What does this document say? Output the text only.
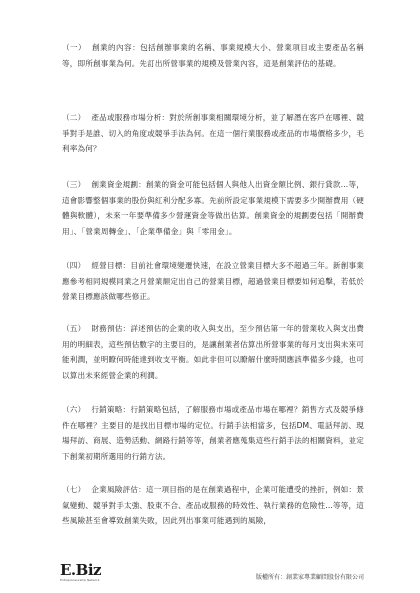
（一） 創業的內容：包括創辦事業的名稱、事業規模大小、營業項目或主要產品名稱等，即所創事業為何。先訂出所營事業的規模及營業內容，這是創業評估的基礎。

（二） 產品或服務市場分析：對於所創事業相關環境分析，並了解潛在客戶在哪裡、競爭對手是誰、切入的角度或競爭手法為何。在這一個行業服務或產品的市場價格多少，毛利率為何？

（三） 創業資金規劃：創業的資金可能包括個人與他人出資金額比例、銀行貸款…等，這會影響整個事業的股份與紅利分配多寡。先前所設定事業規模下需要多少開辦費用（硬體與軟體），未來一年要準備多少營運資金等做出估算。創業資金的規劃要包括「開辦費用」、「營業周轉金」、「企業準備金」與「零用金」。

（四） 經營目標：目前社會環境變遷快速，在設立營業目標大多不超過三年。新創事業應參考相同規模同業之月營業額定出自己的營業目標，超過營業目標要如何追擊，若低於營業目標應該做哪些修正。

（五） 財務預估：詳述預估的企業的收入與支出，至少預估第一年的營業收入與支出費用的明細表，這些預估數字的主要目的，是讓創業者估算出所營事業的每月支出與未來可能利潤，並明瞭何時能達到收支平衡。如此非但可以瞭解什麼時間應該準備多少錢，也可以算出未來經營企業的利潤。

（六） 行銷策略：行銷策略包括，了解服務市場或產品市場在哪裡？銷售方式及競爭條件在哪裡？主要目的是找出目標市場的定位。行銷手法相當多，包括DM、電話拜訪、現場拜訪、商展、造勢活動、網路行銷等等，創業者應蒐集這些行銷手法的相關資料，並定下創業初期所選用的行銷方法。

（七） 企業風險評估：這一項目指的是在創業過程中，企業可能遭受的挫折，例如：景氣變動、競爭對手太強、股東不合、產品或服務的時效性、執行業務的危險性…等等，這些風險甚至會導致創業失敗，因此列出事業可能遇到的風險，

E.Biz
Entrepreneurship Network	版權所有：創業家專業顧問股份有限公司
